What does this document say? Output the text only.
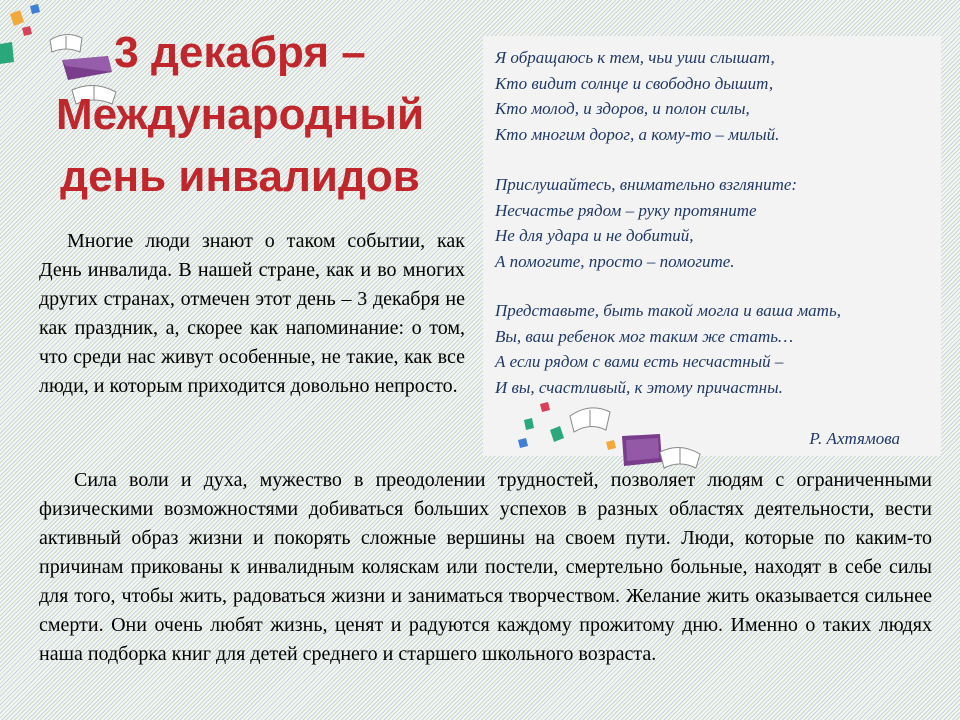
3 декабря –
Международный
день инвалидов

Я обращаюсь к тем, чьи уши слышат,
Кто видит солнце и свободно дышит,
Кто молод, и здоров, и полон силы,
Кто многим дорог, а кому-то – милый.

Прислушайтесь, внимательно взгляните:
Несчастье рядом – руку протяните
Не для удара и не добитий,
А помогите, просто – помогите.

Представьте, быть такой могла и ваша мать,
Вы, ваш ребенок мог таким же стать…
А если рядом с вами есть несчастный –
И вы, счастливый, к этому причастны.

Р. Ахтямова

Многие люди знают о таком событии, как День инвалида. В нашей стране, как и во многих других странах, отмечен этот день – 3 декабря не как праздник, а, скорее как напоминание: о том, что среди нас живут особенные, не такие, как все люди, и которым приходится довольно непросто.

Сила воли и духа, мужество в преодолении трудностей, позволяет людям с ограниченными физическими возможностями добиваться больших успехов в разных областях деятельности, вести активный образ жизни и покорять сложные вершины на своем пути. Люди, которые по каким-то причинам прикованы к инвалидным коляскам или постели, смертельно больные, находят в себе силы для того, чтобы жить, радоваться жизни и заниматься творчеством. Желание жить оказывается сильнее смерти. Они очень любят жизнь, ценят и радуются каждому прожитому дню. Именно о таких людях наша подборка книг для детей среднего и старшего школьного возраста.
